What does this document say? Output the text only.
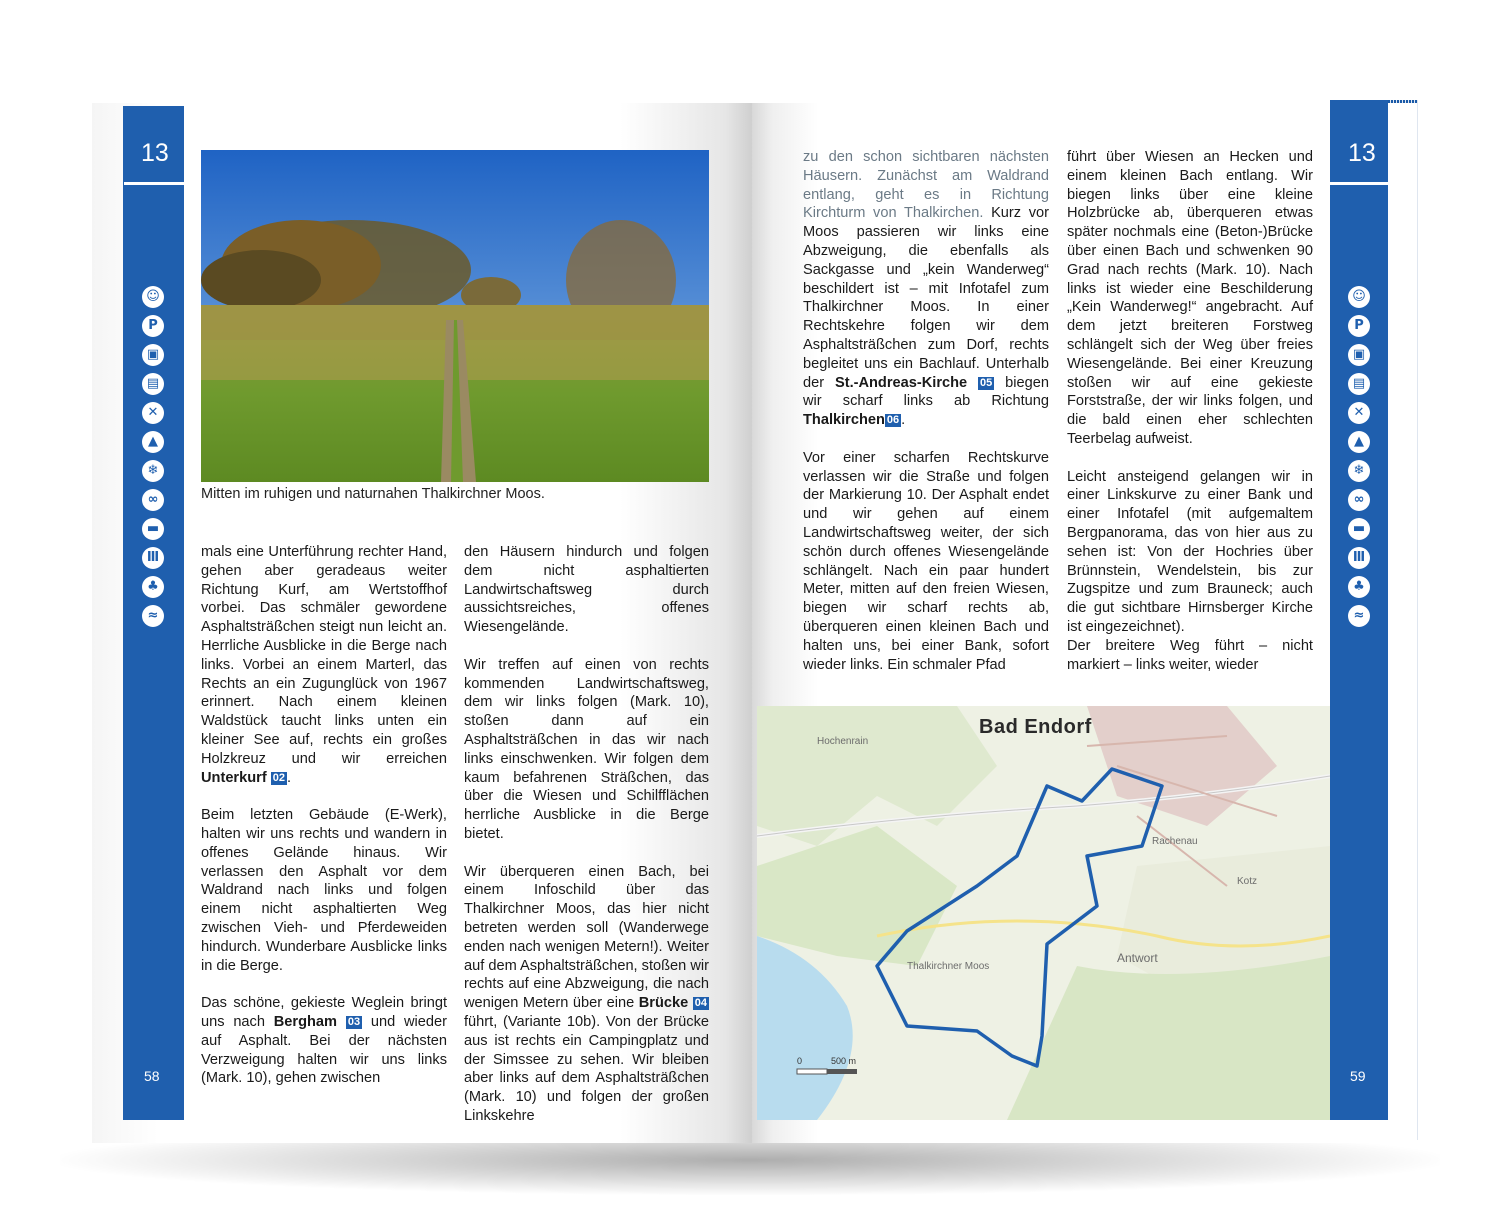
13
☺
P
▣
▤
✕
▲
❄
∞
▬
Ⅲ
♣
≈
58
13
☺
P
▣
▤
✕
▲
❄
∞
▬
Ⅲ
♣
≈
59
Mitten im ruhigen und naturnahen Thalkirchner Moos.

mals eine Unterführung rechter Hand, gehen aber geradeaus weiter Richtung Kurf, am Wertstoffhof vorbei. Das schmäler gewordene Asphaltsträßchen steigt nun leicht an. Herrliche Ausblicke in die Berge nach links. Vorbei an einem Marterl, das Rechts an ein Zugunglück von 1967 erinnert. Nach einem kleinen Waldstück taucht links unten ein kleiner See auf, rechts ein großes Holzkreuz und wir erreichen Unterkurf 02 .

Beim letzten Gebäude (E-Werk), halten wir uns rechts und wandern in offenes Gelände hinaus. Wir verlassen den Asphalt vor dem Waldrand nach links und folgen einem nicht asphaltierten Weg zwischen Vieh- und Pferdeweiden hindurch. Wunderbare Ausblicke links in die Berge.

Das schöne, gekieste Weglein bringt uns nach Bergham 03 und wieder auf Asphalt. Bei der nächsten Verzweigung halten wir uns links (Mark. 10), gehen zwischen

den Häusern hindurch und folgen dem nicht asphaltierten Landwirtschaftsweg durch aussichtsreiches, offenes Wiesengelände.

Wir treffen auf einen von rechts kommenden Landwirtschaftsweg, dem wir links folgen (Mark. 10), stoßen dann auf ein Asphaltsträßchen in das wir nach links einschwenken. Wir folgen dem kaum befahrenen Sträßchen, das über die Wiesen und Schilfflächen herrliche Ausblicke in die Berge bietet.

Wir überqueren einen Bach, bei einem Infoschild über das Thalkirchner Moos, das hier nicht betreten werden soll (Wanderwege enden nach wenigen Metern!). Weiter auf dem Asphaltsträßchen, stoßen wir rechts auf eine Abzweigung, die nach wenigen Metern über eine Brücke 04 führt, (Variante 10b). Von der Brücke aus ist rechts ein Campingplatz und der Simssee zu sehen. Wir bleiben aber links auf dem Asphaltsträßchen (Mark. 10) und folgen der großen Linkskehre

zu den schon sichtbaren nächsten Häusern. Zunächst am Waldrand entlang, geht es in Richtung Kirchturm von Thalkirchen. Kurz vor Moos passieren wir links eine Abzweigung, die ebenfalls als Sackgasse und „kein Wanderweg“ beschildert ist – mit Infotafel zum Thalkirchner Moos. In einer Rechtskehre folgen wir dem Asphaltsträßchen zum Dorf, rechts begleitet uns ein Bachlauf. Unterhalb der St.-Andreas-Kirche 05 biegen wir scharf links ab Richtung Thalkirchen 06 .

Vor einer scharfen Rechtskurve verlassen wir die Straße und folgen der Markierung 10. Der Asphalt endet und wir gehen auf einem Landwirtschaftsweg weiter, der sich schön durch offenes Wiesengelände schlängelt. Nach ein paar hundert Meter, mitten auf den freien Wiesen, biegen wir scharf rechts ab, überqueren einen kleinen Bach und halten uns, bei einer Bank, sofort wieder links. Ein schmaler Pfad

führt über Wiesen an Hecken und einem kleinen Bach entlang. Wir biegen links über eine kleine Holzbrücke ab, überqueren etwas später nochmals eine (Beton-)Brücke über einen Bach und schwenken 90 Grad nach rechts (Mark. 10). Nach links ist wieder eine Beschilderung „Kein Wanderweg!“ angebracht. Auf dem jetzt breiteren Forstweg schlängelt sich der Weg über freies Wiesengelände. Bei einer Kreuzung stoßen wir auf eine gekieste Forststraße, der wir links folgen, und die bald einen eher schlechten Teerbelag aufweist.

Leicht ansteigend gelangen wir in einer Linkskurve zu einer Bank und einer Infotafel (mit aufgemaltem Bergpanorama, das von hier aus zu sehen ist: Von der Hochries über Brünnstein, Wendelstein, bis zur Zugspitze und zum Brauneck; auch die gut sichtbare Hirnsberger Kirche ist eingezeichnet).

Der breitere Weg führt – nicht markiert – links weiter, wieder

Bad Endorf
Thalkirchner Moos
Antwort
Rachenau
Kotz
Hochenrain
0	500 m
